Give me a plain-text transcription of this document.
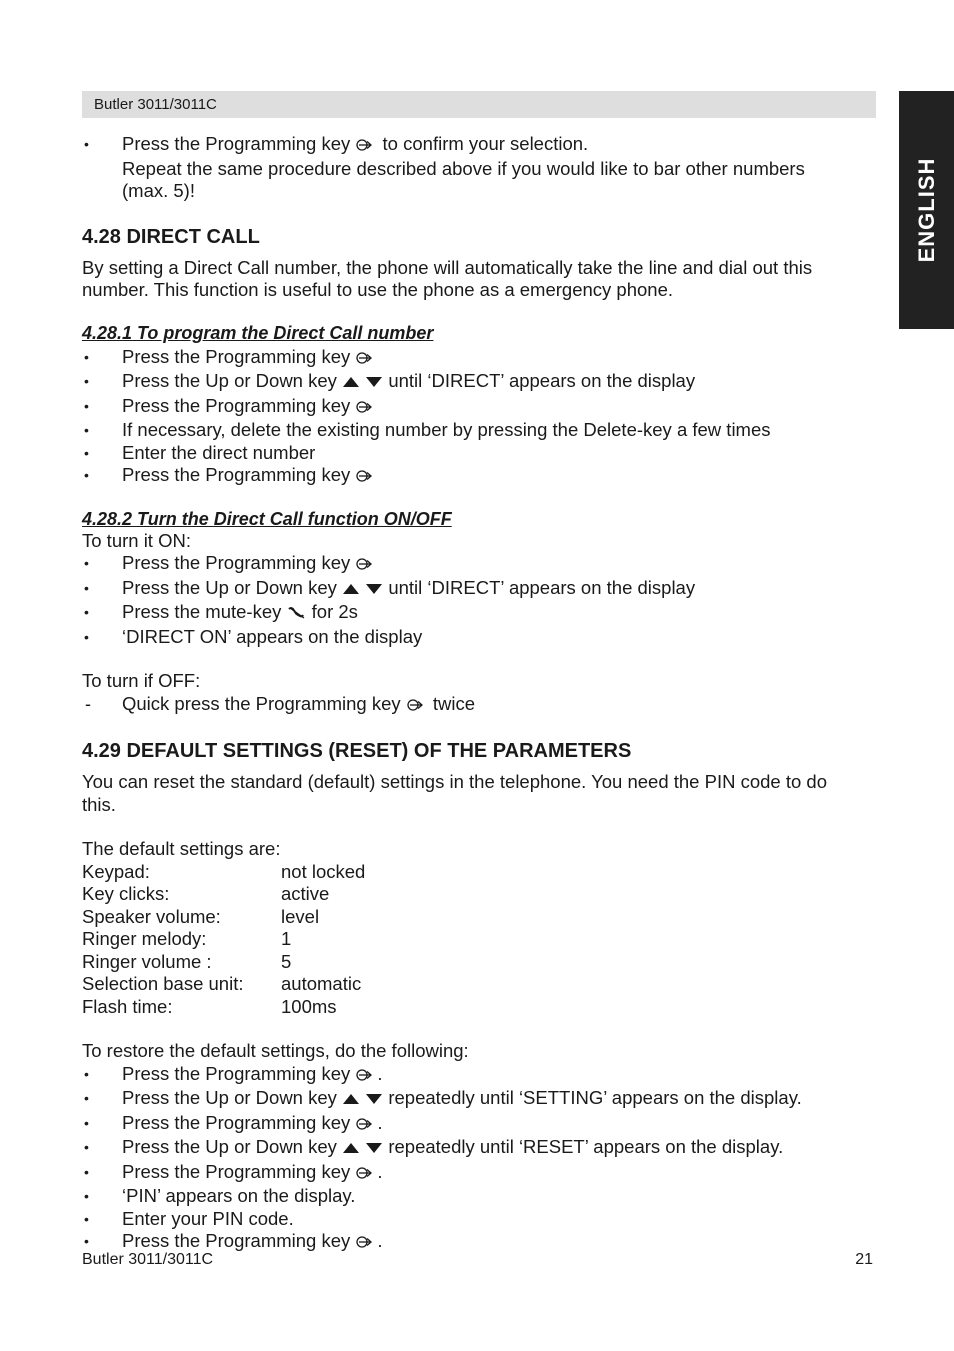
Butler 3011/3011C
ENGLISH
• Press the Programming key to confirm your selection.

Repeat the same procedure described above if you would like to bar other numbers

(max. 5)!

4.28 DIRECT CALL

By setting a Direct Call number, the phone will automatically take the line and dial out this

number. This function is useful to use the phone as a emergency phone.

4.28.1 To program the Direct Call number
• Press the Programming key
• Press the Up or Down key	until ‘DIRECT’ appears on the display
• Press the Programming key
• If necessary, delete the existing number by pressing the Delete-key a few times
• Enter the direct number
• Press the Programming key
4.28.2 Turn the Direct Call function ON/OFF

To turn it ON:

• Press the Programming key
• Press the Up or Down key	until ‘DIRECT’ appears on the display
• Press the mute-key for 2s
• ‘DIRECT ON’ appears on the display

To turn if OFF:

- Quick press the Programming key twice
4.29 DEFAULT SETTINGS (RESET) OF THE PARAMETERS

You can reset the standard (default) settings in the telephone. You need the PIN code to do

this.

The default settings are:

Keypad:	not locked
Key clicks:	active
Speaker volume:	level
Ringer melody:	1
Ringer volume :	5
Selection base unit:	automatic
Flash time:	100ms

To restore the default settings, do the following:

• Press the Programming key .
• Press the Up or Down key	repeatedly until ‘SETTING’ appears on the display.
• Press the Programming key .
• Press the Up or Down key	repeatedly until ‘RESET’ appears on the display.
• Press the Programming key .
• ‘PIN’ appears on the display.
• Enter your PIN code.
• Press the Programming key .
Butler 3011/3011C	21
